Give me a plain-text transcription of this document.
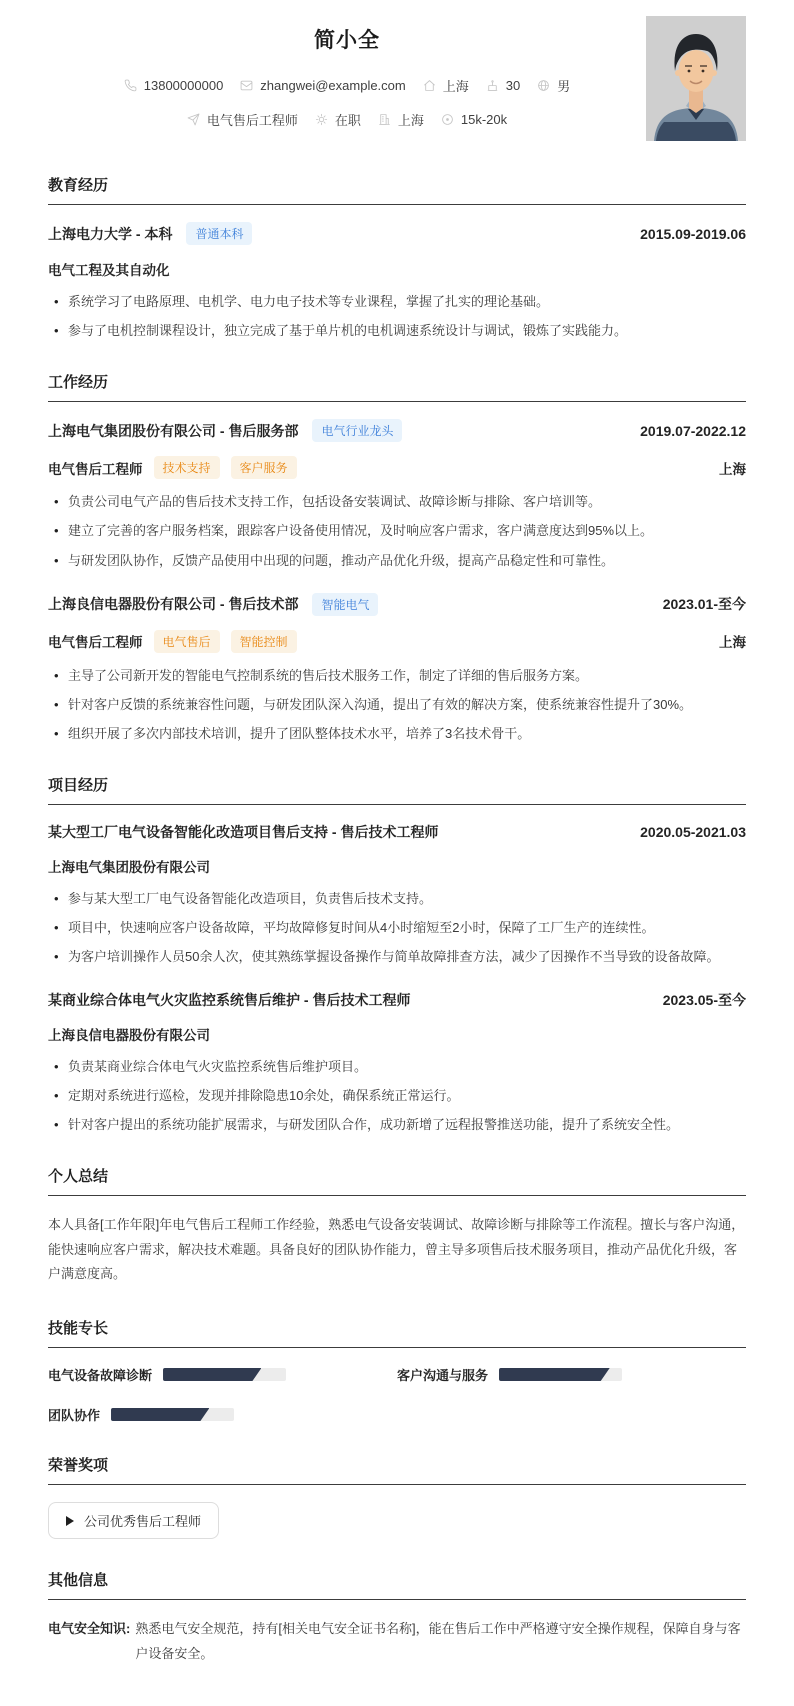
简小全
13800000000	zhangwei@example.com	上海	30	男
电气售后工程师	在职	上海	15k-20k
教育经历
上海电力大学 - 本科	普通本科	2015.09-2019.06
电气工程及其自动化
• 系统学习了电路原理、电机学、电力电子技术等专业课程，掌握了扎实的理论基础。
• 参与了电机控制课程设计，独立完成了基于单片机的电机调速系统设计与调试，锻炼了实践能力。
工作经历
上海电气集团股份有限公司 - 售后服务部	电气行业龙头	2019.07-2022.12
电气售后工程师	技术支持	客户服务	上海
• 负责公司电气产品的售后技术支持工作，包括设备安装调试、故障诊断与排除、客户培训等。
• 建立了完善的客户服务档案，跟踪客户设备使用情况，及时响应客户需求，客户满意度达到95%以上。
• 与研发团队协作，反馈产品使用中出现的问题，推动产品优化升级，提高产品稳定性和可靠性。
上海良信电器股份有限公司 - 售后技术部	智能电气	2023.01-至今
电气售后工程师	电气售后	智能控制	上海
• 主导了公司新开发的智能电气控制系统的售后技术服务工作，制定了详细的售后服务方案。
• 针对客户反馈的系统兼容性问题，与研发团队深入沟通，提出了有效的解决方案，使系统兼容性提升了30%。
• 组织开展了多次内部技术培训，提升了团队整体技术水平，培养了3名技术骨干。
项目经历
某大型工厂电气设备智能化改造项目售后支持 - 售后技术工程师	2020.05-2021.03
上海电气集团股份有限公司
• 参与某大型工厂电气设备智能化改造项目，负责售后技术支持。
• 项目中，快速响应客户设备故障，平均故障修复时间从4小时缩短至2小时，保障了工厂生产的连续性。
• 为客户培训操作人员50余人次，使其熟练掌握设备操作与简单故障排查方法，减少了因操作不当导致的设备故障。
某商业综合体电气火灾监控系统售后维护 - 售后技术工程师	2023.05-至今
上海良信电器股份有限公司
• 负责某商业综合体电气火灾监控系统售后维护项目。
• 定期对系统进行巡检，发现并排除隐患10余处，确保系统正常运行。
• 针对客户提出的系统功能扩展需求，与研发团队合作，成功新增了远程报警推送功能，提升了系统安全性。
个人总结

本人具备[工作年限]年电气售后工程师工作经验，熟悉电气设备安装调试、故障诊断与排除等工作流程。擅长与客户沟通，能快速响应客户需求，解决技术难题。具备良好的团队协作能力，曾主导多项售后技术服务项目，推动产品优化升级，客户满意度高。

技能专长
电气设备故障诊断	客户沟通与服务
团队协作
荣誉奖项
公司优秀售后工程师
其他信息
电气安全知识: 熟悉电气安全规范，持有[相关电气安全证书名称]，能在售后工作中严格遵守安全操作规程，保障自身与客户设备安全。
